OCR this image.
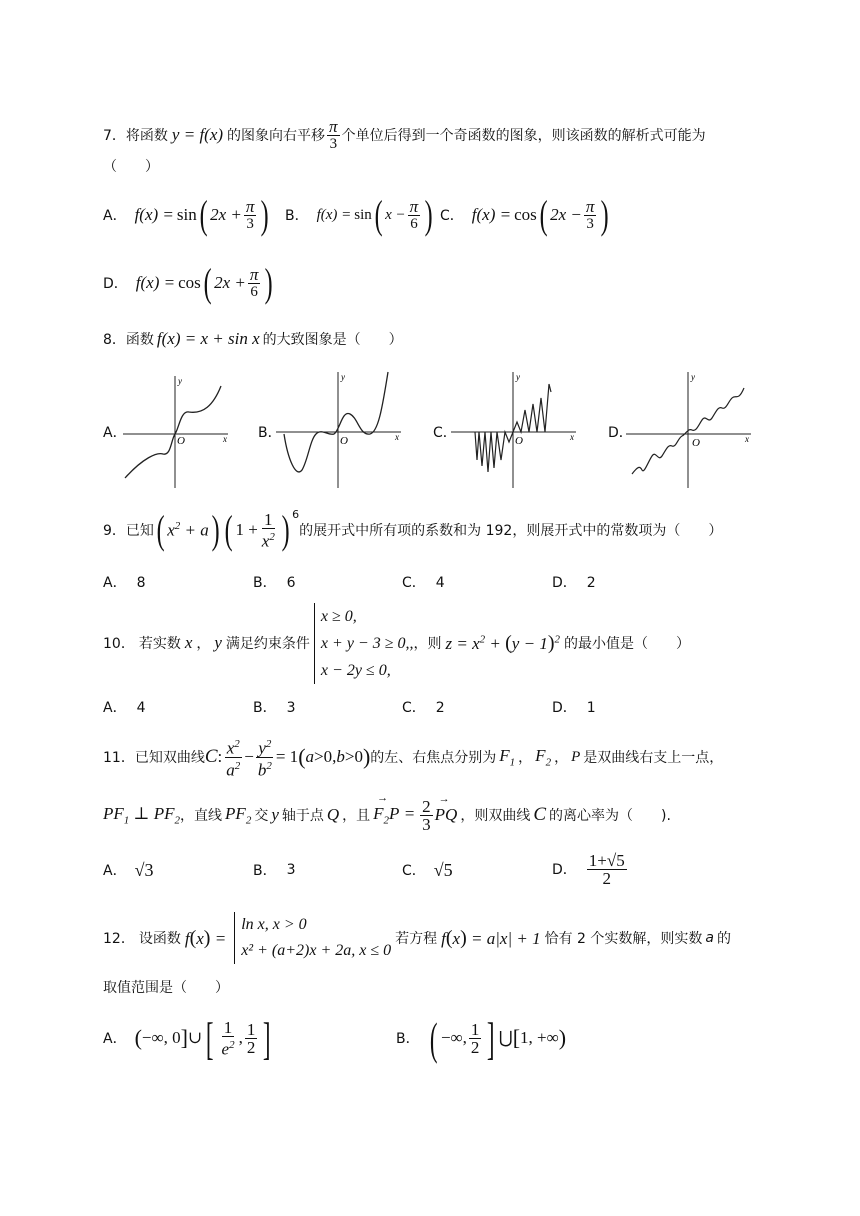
7． 将函数 y = f(x) 的图象向右平移 $\frac{\pi}{3}$ 个单位后得到一个奇函数的图象，则该函数的解析式可能为
（　　）
A． f(x) = sin ( $2x + \frac{\pi}{3}$ ) B． f(x) = sin ( $x - \frac{\pi}{6}$ ) C． f(x) = cos ( $2x - \frac{\pi}{3}$ )
D． f(x) = cos ( $2x + \frac{\pi}{6}$ )
8． 函数 f(x) = x + sin x 的大致图象是（　　）
A．	x
y
O	B．	x
y
O	C．	x
y
O	D．	x
y
O
9． 已知 ( $x^2 + a$ ) ( $1 + \frac{1}{x^2} )^6$
的展开式中所有项的系数和为 192，则展开式中的常数项为（　　）
A． 8	B． 6	C． 4	D． 2
10． 若实数 x ， y 满足约束条件
x ≥ 0,
x + y − 3 ≥ 0,,
x − 2y ≤ 0,
，则 $z = x^2 + (y - 1)^2$ 的最小值是（　　）
A． 4	B． 3	C． 2	D． 1
11． 已知双曲线 C : $\frac{x^2}{a^2} - \frac{y^2}{b^2} = 1$ ( a >0, b >0 ) 的左、右焦点分别为 $F_1$ ， $F_2$ ， P 是双曲线右支上一点，
$PF_1$ ⊥ $PF_2$ ，直线 $PF_2$ 交 y 轴于点 Q ，且 $F_2P$
→
= $\frac{2}{3}$ PQ
→
，则双曲线 C 的离心率为（　　).
A． √3	B． 3	C． √5	D． $\frac{1+√5}{2}$
12． 设函数 f(x) =
ln x, x > 0
x² + (a+2)x + 2a, x ≤ 0
若方程 f(x) = a|x| + 1 恰有 2 个实数解，则实数 a 的
取值范围是（　　）
A． ( −∞, 0 ] ∪ [ $\frac{1}{e^2}$ , $\frac{1}{2}$ ]	B． ( −∞, $\frac{1}{2}$ ] ⋃ [ 1, +∞ )
